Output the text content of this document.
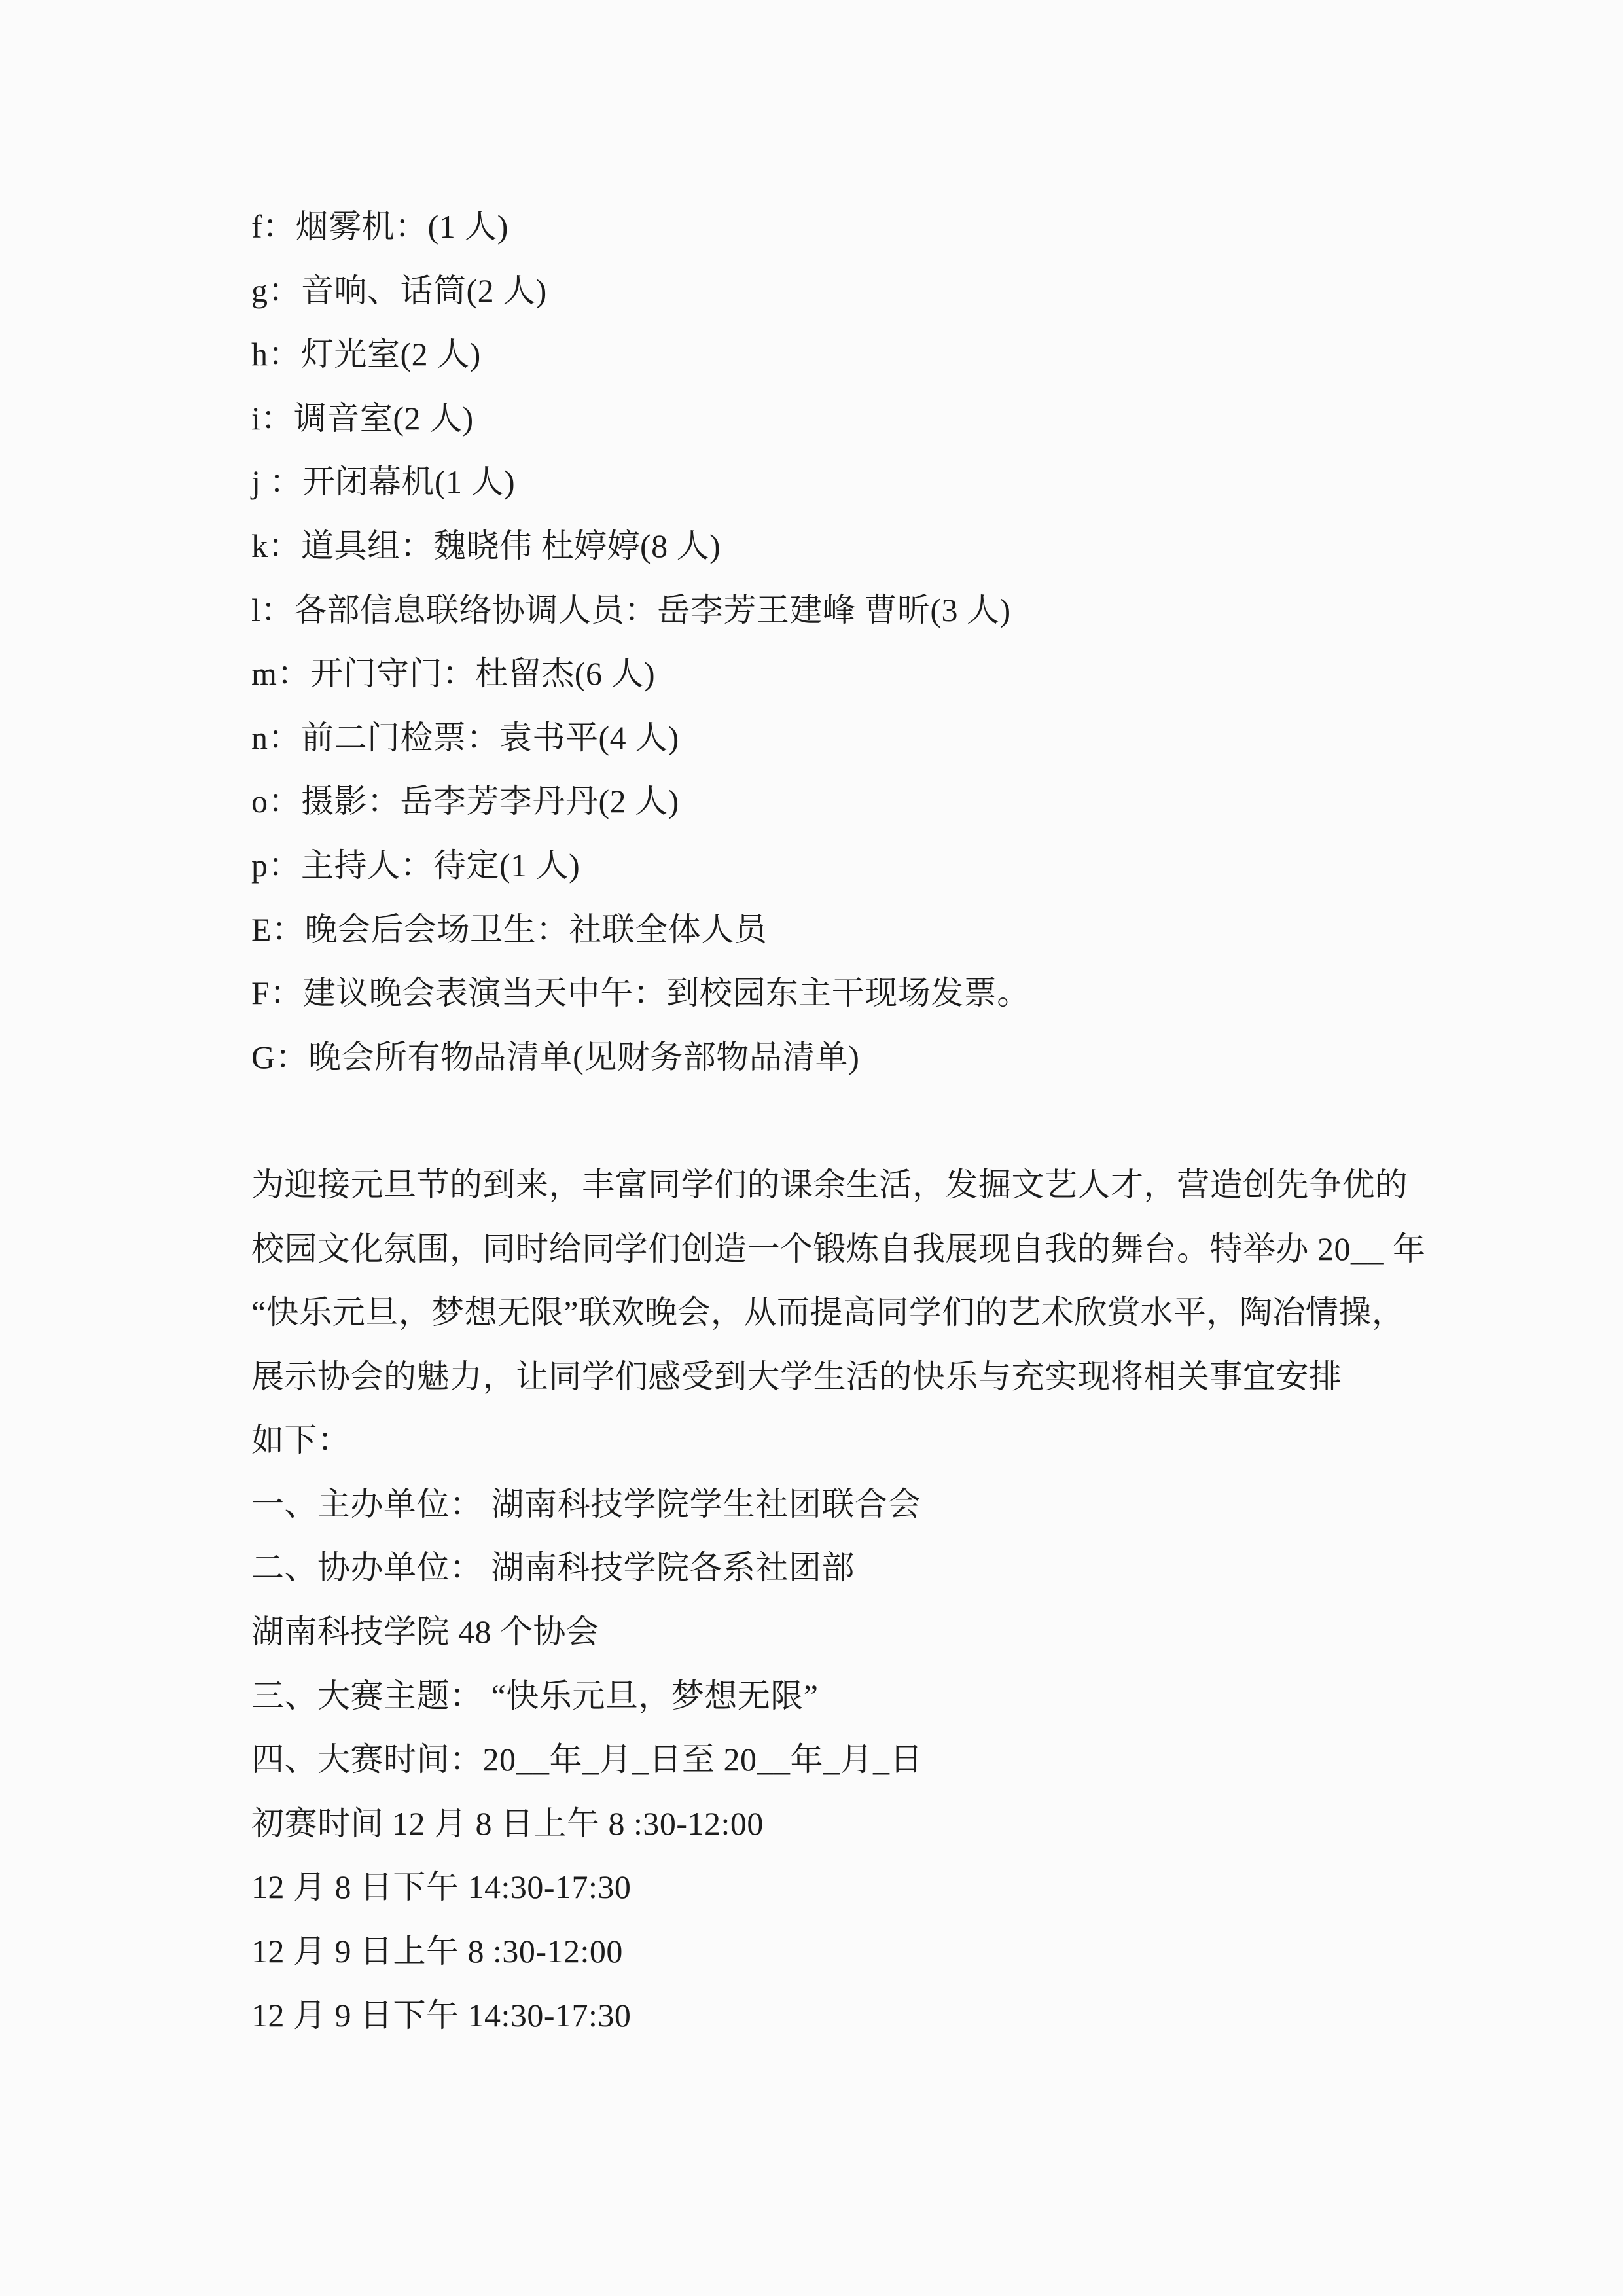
f：烟雾机：(1 人)

g：音响、话筒(2 人)

h：灯光室(2 人)

i：调音室(2 人)

j ：开闭幕机(1 人)

k：道具组：魏晓伟 杜婷婷(8 人)

l：各部信息联络协调人员：岳李芳王建峰 曹昕(3 人)

m：开门守门：杜留杰(6 人)

n：前二门检票：袁书平(4 人)

o：摄影：岳李芳李丹丹(2 人)

p：主持人：待定(1 人)

E：晚会后会场卫生：社联全体人员

F：建议晚会表演当天中午：到校园东主干现场发票。

G：晚会所有物品清单(见财务部物品清单)

为迎接元旦节的到来，丰富同学们的课余生活，发掘文艺人才，营造创先争优的

校园文化氛围，同时给同学们创造一个锻炼自我展现自我的舞台。特举办 20__ 年

“快乐元旦，梦想无限”联欢晚会，从而提高同学们的艺术欣赏水平，陶冶情操，

展示协会的魅力，让同学们感受到大学生活的快乐与充实现将相关事宜安排

如下：

一、主办单位： 湖南科技学院学生社团联合会

二、协办单位： 湖南科技学院各系社团部

湖南科技学院 48 个协会

三、大赛主题： “快乐元旦，梦想无限”

四、大赛时间：20__年_月_日至 20__年_月_日

初赛时间 12 月 8 日上午 8 :30-12:00

12 月 8 日下午 14:30-17:30

12 月 9 日上午 8 :30-12:00

12 月 9 日下午 14:30-17:30
